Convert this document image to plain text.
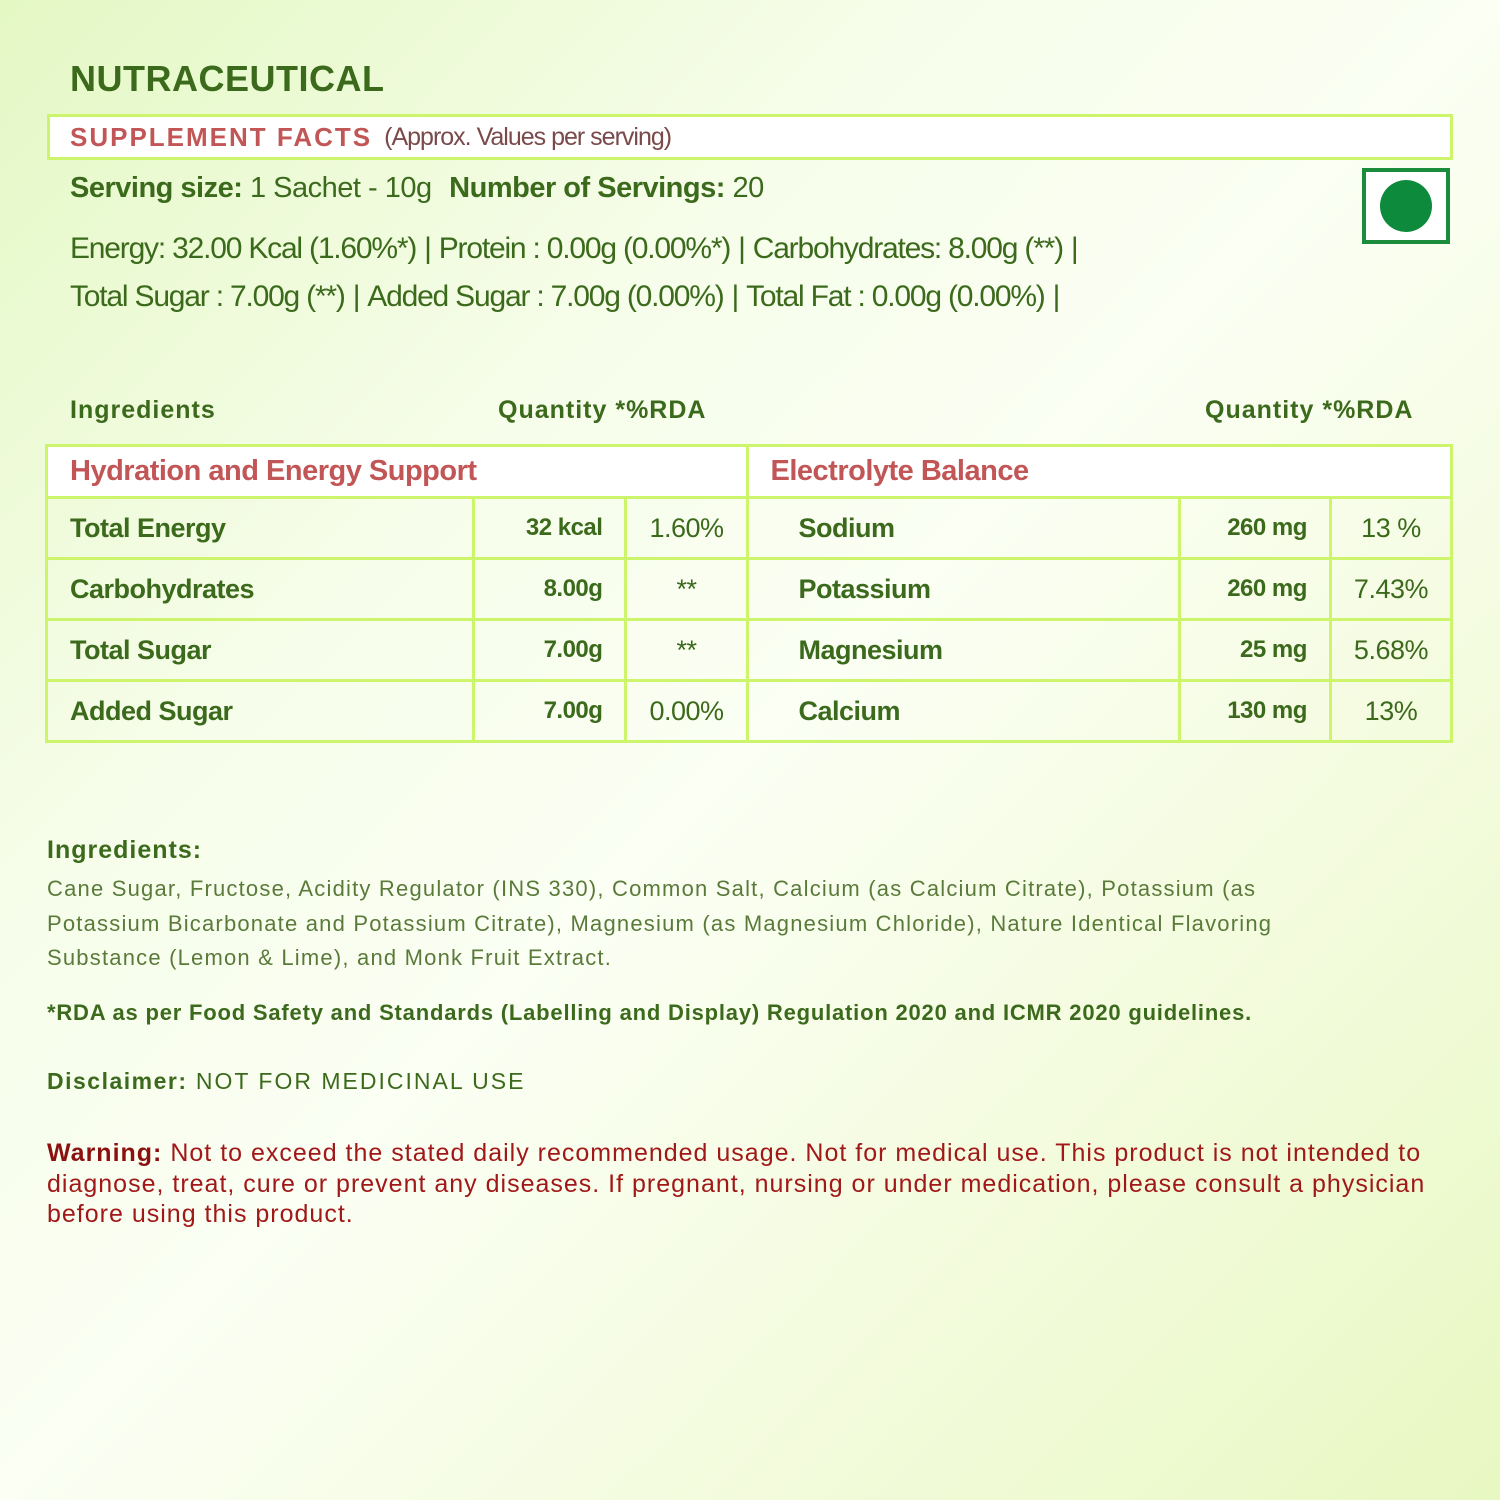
NUTRACEUTICAL
SUPPLEMENT FACTS (Approx. Values per serving)
Serving size: 1 Sachet - 10g Number of Servings: 20
Energy: 32.00 Kcal (1.60%*) | Protein : 0.00g (0.00%*) | Carbohydrates: 8.00g (**) |
Total Sugar : 7.00g (**) | Added Sugar : 7.00g (0.00%) | Total Fat : 0.00g (0.00%) |
Ingredients	Quantity *%RDA	Quantity *%RDA
Hydration and Energy Support			Electrolyte Balance		
Total Energy	32 kcal	1.60%	Sodium	260 mg	13 %
Carbohydrates	8.00g	**	Potassium	260 mg	7.43%
Total Sugar	7.00g	**	Magnesium	25 mg	5.68%
Added Sugar	7.00g	0.00%	Calcium	130 mg	13%
Ingredients:
Cane Sugar, Fructose, Acidity Regulator (INS 330), Common Salt, Calcium (as Calcium Citrate), Potassium (as Potassium Bicarbonate and Potassium Citrate), Magnesium (as Magnesium Chloride), Nature Identical Flavoring Substance (Lemon & Lime), and Monk Fruit Extract.
*RDA as per Food Safety and Standards (Labelling and Display) Regulation 2020 and ICMR 2020 guidelines.
Disclaimer: NOT FOR MEDICINAL USE
Warning: Not to exceed the stated daily recommended usage. Not for medical use. This product is not intended to diagnose, treat, cure or prevent any diseases. If pregnant, nursing or under medication, please consult a physician before using this product.
